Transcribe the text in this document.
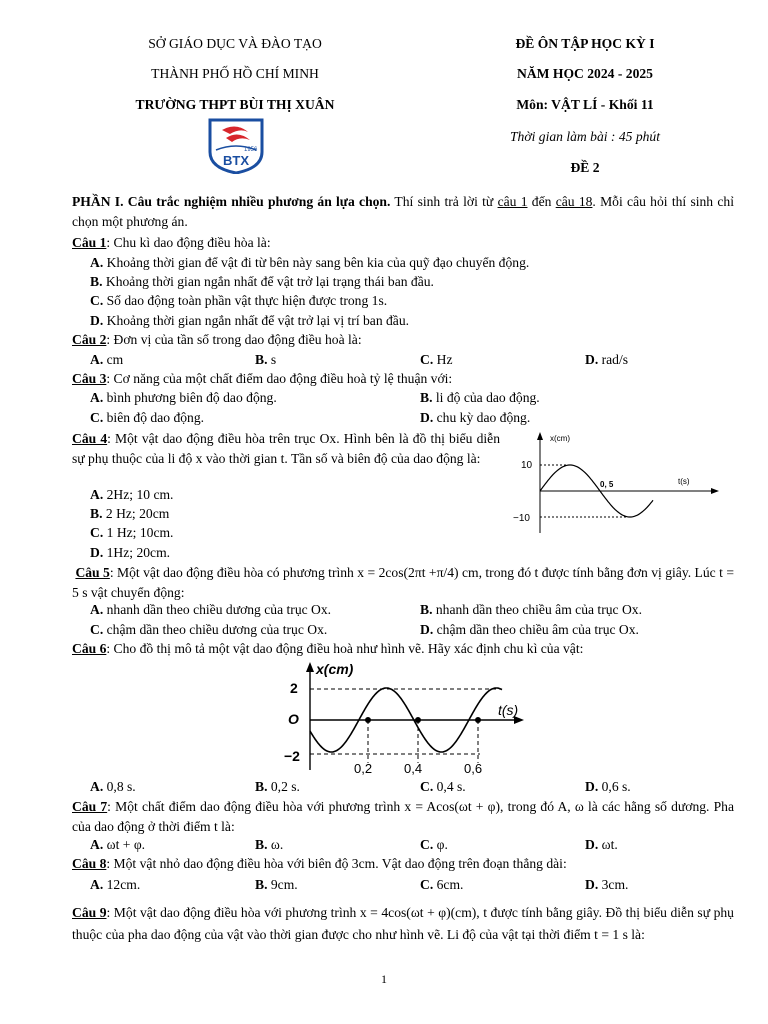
SỞ GIÁO DỤC VÀ ĐÀO TẠO
THÀNH PHỐ HỒ CHÍ MINH
TRƯỜNG THPT BÙI THỊ XUÂN
1956
BTX
ĐỀ ÔN TẬP HỌC KỲ I
NĂM HỌC 2024 - 2025
Môn: VẬT LÍ - Khối 11
Thời gian làm bài : 45 phút
ĐỀ 2
PHẦN I. Câu trắc nghiệm nhiều phương án lựa chọn. Thí sinh trả lời từ câu 1 đến câu 18. Mỗi câu hỏi thí sinh chỉ chọn một phương án.
Câu 1: Chu kì dao động điều hòa là:
A. Khoảng thời gian để vật đi từ bên này sang bên kia của quỹ đạo chuyển động.
B. Khoảng thời gian ngắn nhất để vật trở lại trạng thái ban đầu.
C. Số dao động toàn phần vật thực hiện được trong 1s.
D. Khoảng thời gian ngắn nhất để vật trở lại vị trí ban đầu.
Câu 2: Đơn vị của tần số trong dao động điều hoà là:
A. cm	B. s	C. Hz	D. rad/s
Câu 3: Cơ năng của một chất điểm dao động điều hoà tỷ lệ thuận với:
A. bình phương biên độ dao động.	B. li độ của dao động.
C. biên độ dao động.	D. chu kỳ dao động.
Câu 4: Một vật dao động điều hòa trên trục Ox. Hình bên là đồ thị biểu diễn sự phụ thuộc của li độ x vào thời gian t. Tần số và biên độ của dao động là:
A. 2Hz; 10 cm.
B. 2 Hz; 20cm
C. 1 Hz; 10cm.
D. 1Hz; 20cm.
x(cm)
t(s)
10
−10
0, 5
Câu 5: Một vật dao động điều hòa có phương trình x = 2cos(2πt +π/4) cm, trong đó t được tính bằng đơn vị giây. Lúc t = 5 s vật chuyển động:
A. nhanh dần theo chiều dương của trục Ox.	B. nhanh dần theo chiều âm của trục Ox.
C. chậm dần theo chiều dương của trục Ox.	D. chậm dần theo chiều âm của trục Ox.
Câu 6: Cho đồ thị mô tả một vật dao động điều hoà như hình vẽ. Hãy xác định chu kì của vật:
x(cm)
t(s)
2
O
−2
0,2 0,4	0,6
A. 0,8 s.	B. 0,2 s.	C. 0,4 s.	D. 0,6 s.
Câu 7: Một chất điểm dao động điều hòa với phương trình x = Acos(ωt + φ), trong đó A, ω là các hằng số dương. Pha của dao động ở thời điểm t là:
A. ωt + φ.	B. ω.	C. φ.	D. ωt.
Câu 8: Một vật nhỏ dao động điều hòa với biên độ 3cm. Vật dao động trên đoạn thẳng dài:
A. 12cm.	B. 9cm.	C. 6cm.	D. 3cm.
Câu 9: Một vật dao động điều hòa với phương trình x = 4cos(ωt + φ)(cm), t được tính bằng giây. Đồ thị biểu diễn sự phụ thuộc của pha dao động của vật vào thời gian được cho như hình vẽ. Li độ của vật tại thời điểm t = 1 s là:
1
